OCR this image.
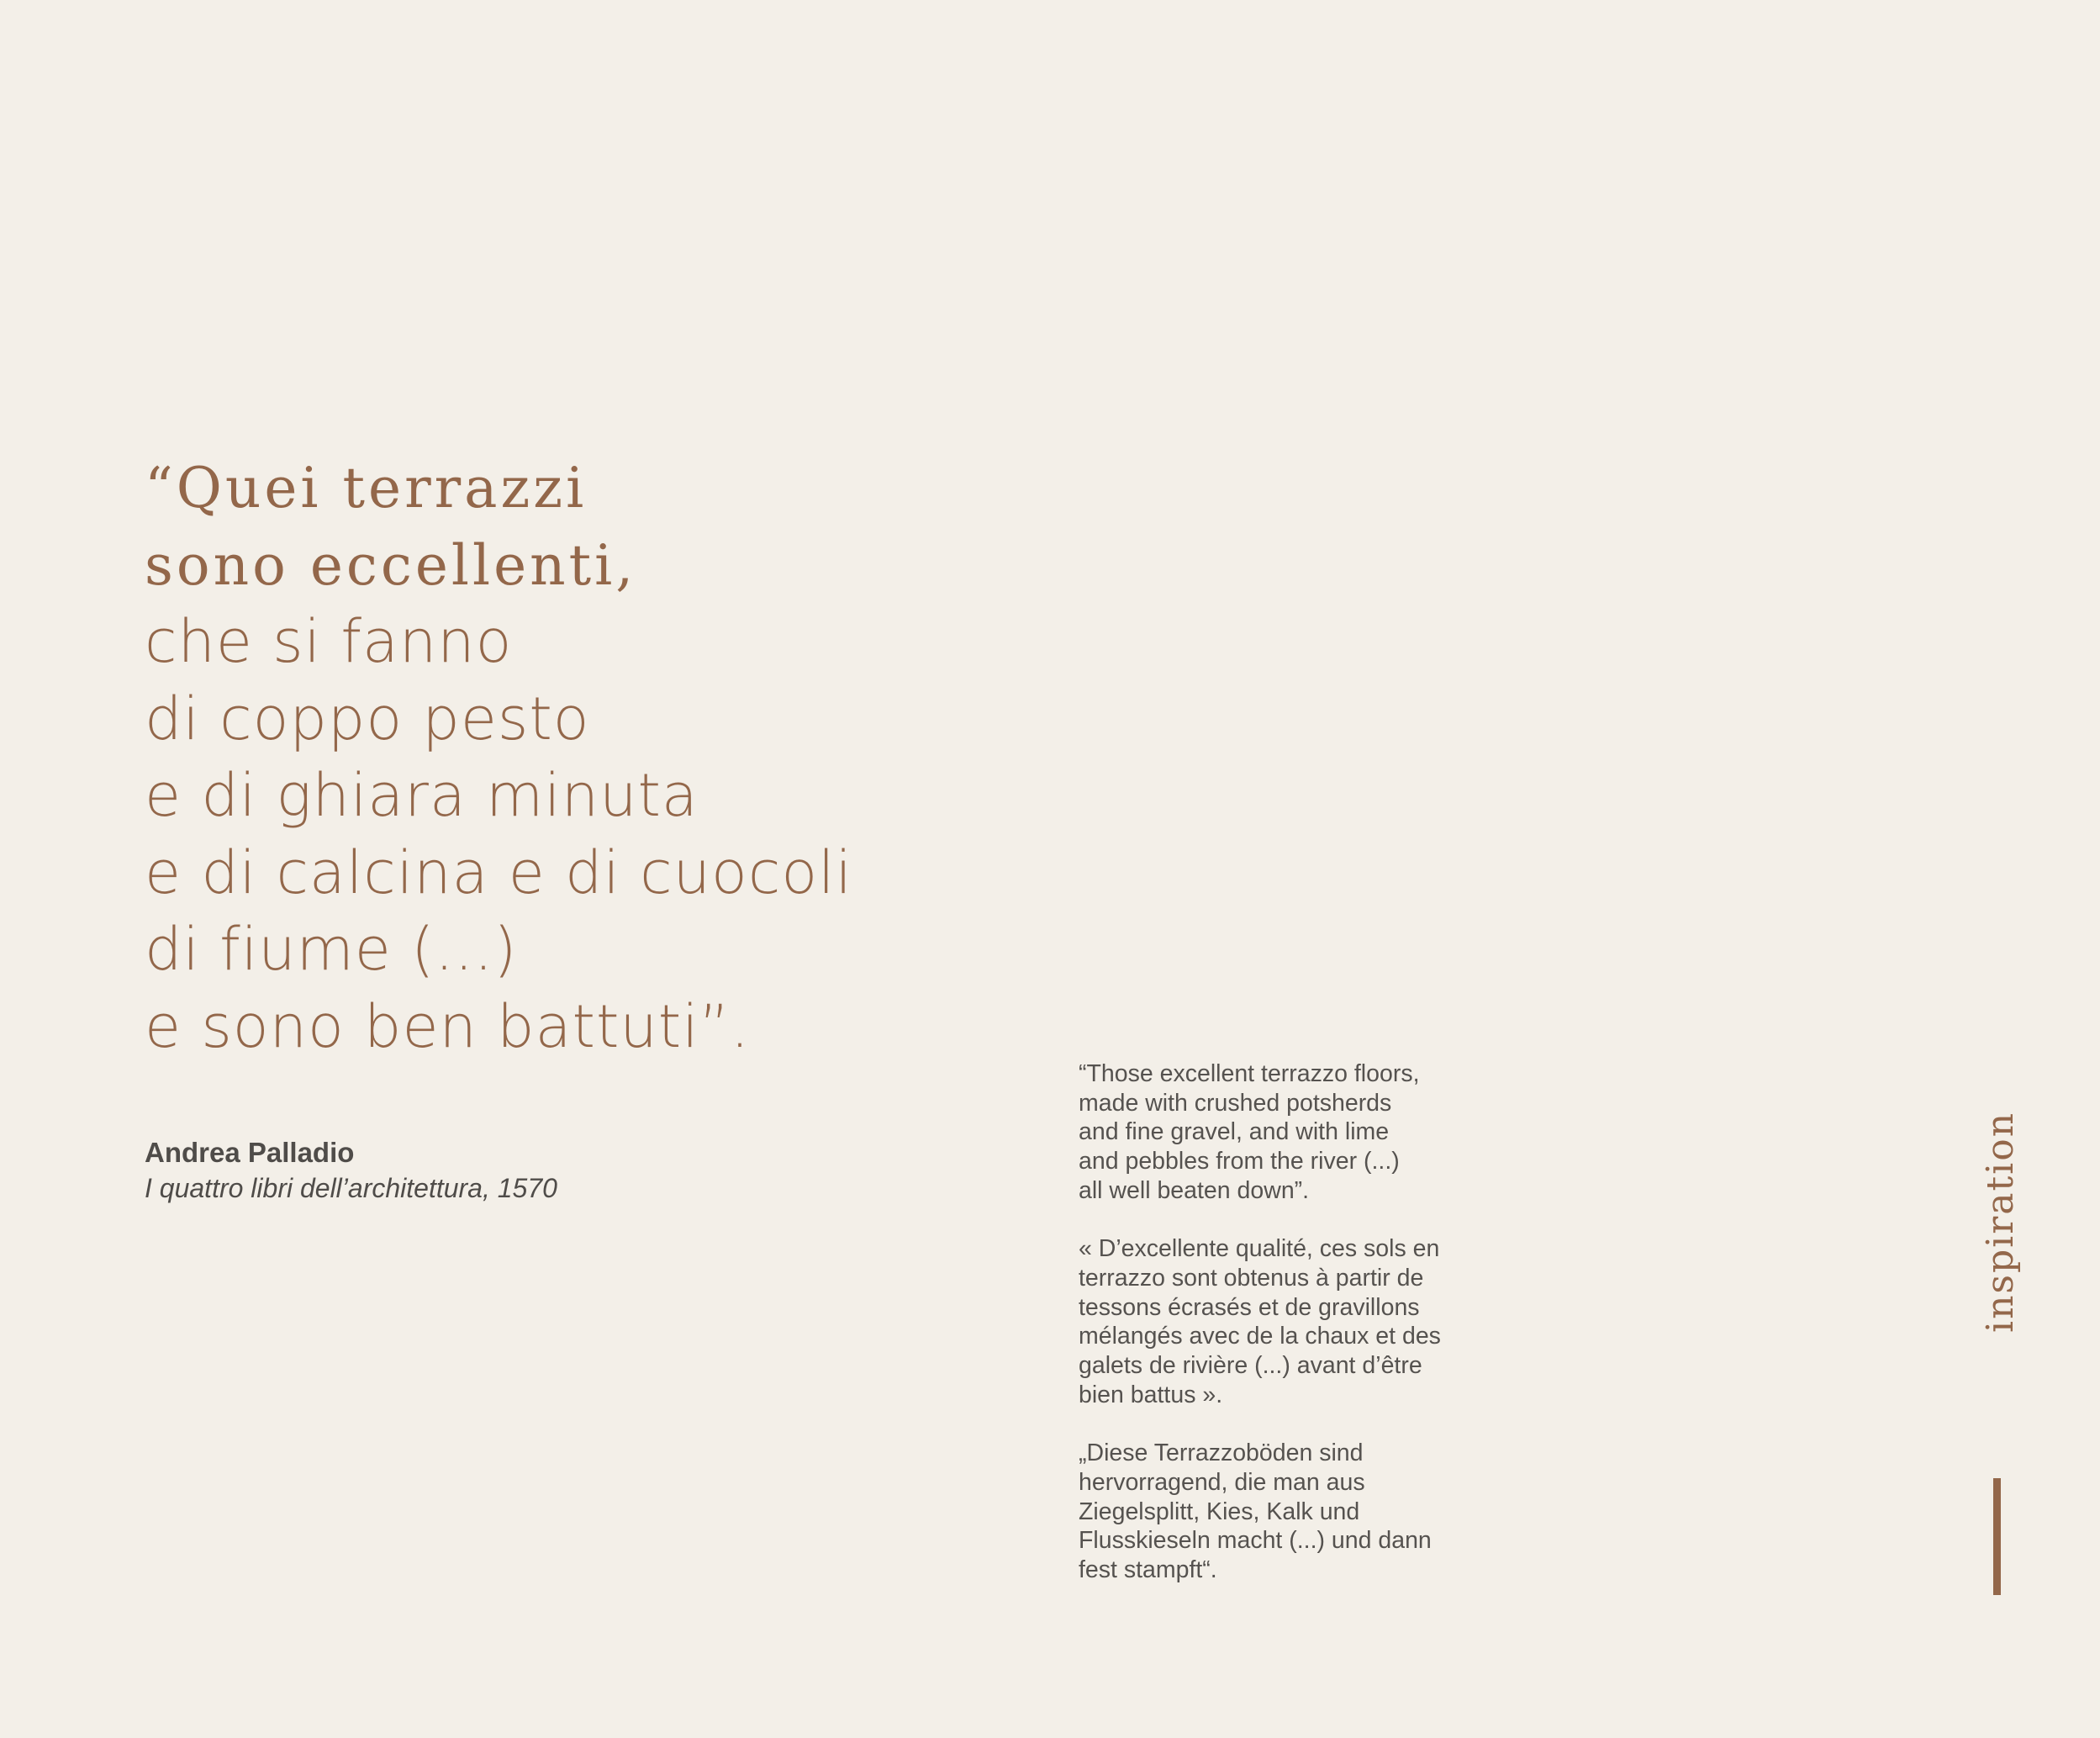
“Quei terrazzi
sono eccellenti,
che si fanno
di coppo pesto
e di ghiara minuta
e di calcina e di cuocoli
di fiume (...)
e sono ben battuti”.
Andrea Palladio
I quattro libri dell’architettura, 1570
“Those excellent terrazzo floors,
made with crushed potsherds
and fine gravel, and with lime
and pebbles from the river (...)
all well beaten down”.
« D’excellente qualité, ces sols en
terrazzo sont obtenus à partir de
tessons écrasés et de gravillons
mélangés avec de la chaux et des
galets de rivière (...) avant d’être
bien battus ».
„Diese Terrazzoböden sind
hervorragend, die man aus
Ziegelsplitt, Kies, Kalk und
Flusskieseln macht (...) und dann
fest stampft“.
inspiration
